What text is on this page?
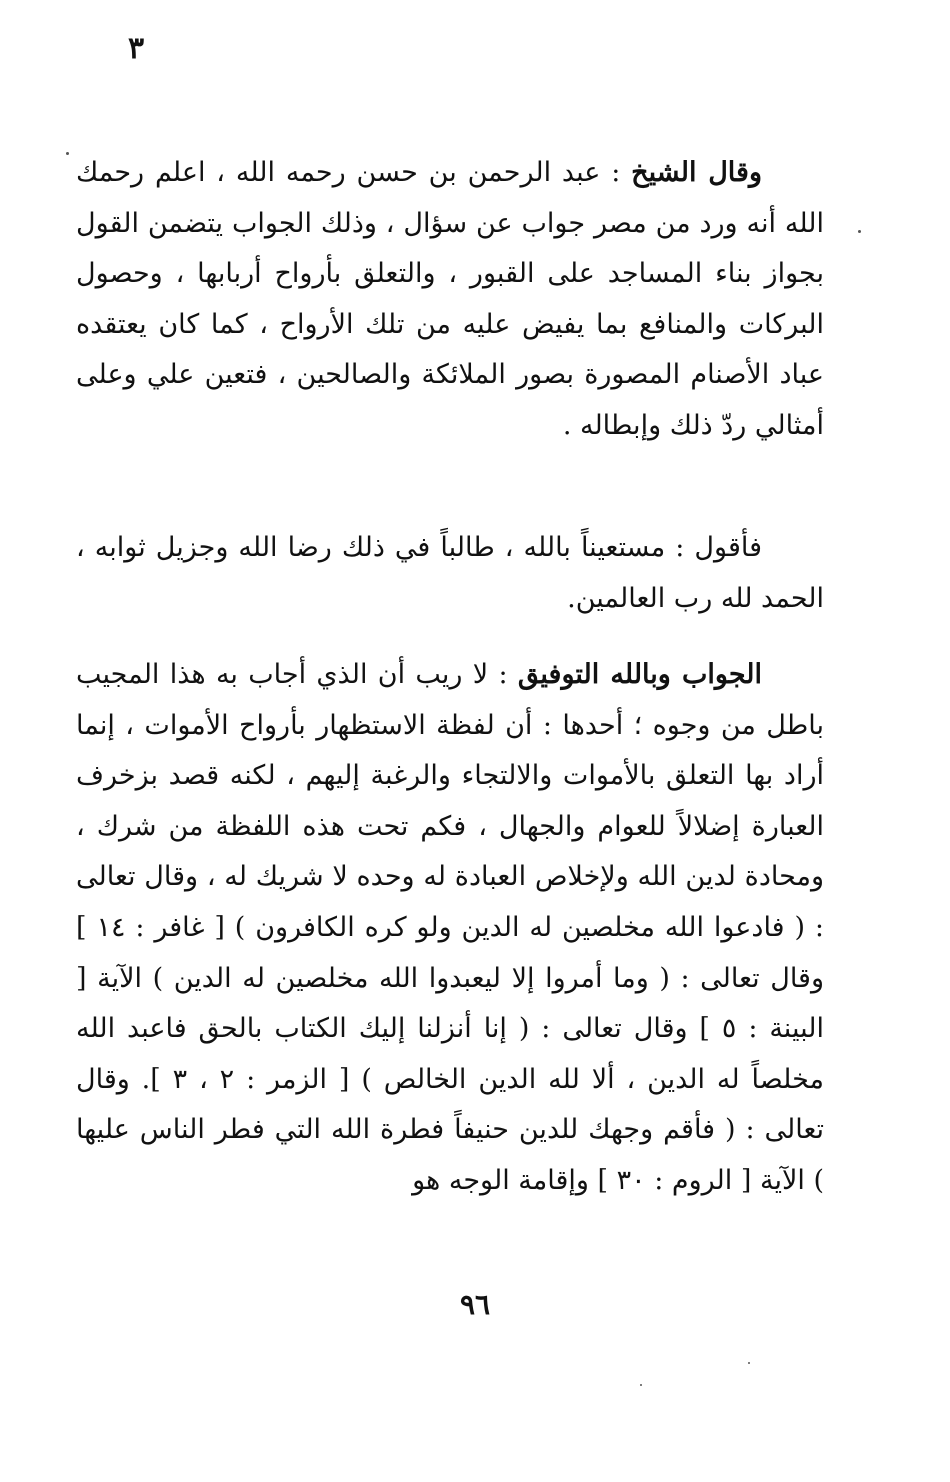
٣

وقال الشيخ : عبد الرحمن بن حسن رحمه الله ، اعلم رحمك الله أنه ورد من مصر جواب عن سؤال ، وذلك الجواب يتضمن القول بجواز بناء المساجد على القبور ، والتعلق بأرواح أربابها ، وحصول البركات والمنافع بما يفيض عليه من تلك الأرواح ، كما كان يعتقده عباد الأصنام المصورة بصور الملائكة والصالحين ، فتعين علي وعلى أمثالي ردّ ذلك وإبطاله .

فأقول : مستعيناً بالله ، طالباً في ذلك رضا الله وجزيل ثوابه ، الحمد لله رب العالمين.

الجواب وبالله التوفيق : لا ريب أن الذي أجاب به هذا المجيب باطل من وجوه ؛ أحدها : أن لفظة الاستظهار بأرواح الأموات ، إنما أراد بها التعلق بالأموات والالتجاء والرغبة إليهم ، لكنه قصد بزخرف العبارة إضلالاً للعوام والجهال ، فكم تحت هذه اللفظة من شرك ، ومحادة لدين الله ولإخلاص العبادة له وحده لا شريك له ، وقال تعالى : ( فادعوا الله مخلصين له الدين ولو كره الكافرون ) [ غافر : ١٤ ] وقال تعالى : ( وما أمروا إلا ليعبدوا الله مخلصين له الدين ) الآية [ البينة : ٥ ] وقال تعالى : ( إنا أنزلنا إليك الكتاب بالحق فاعبد الله مخلصاً له الدين ، ألا لله الدين الخالص ) [ الزمر : ٢ ، ٣ ]. وقال تعالى : ( فأقم وجهك للدين حنيفاً فطرة الله التي فطر الناس عليها ) الآية [ الروم : ٣٠ ] وإقامة الوجه هو

٩٦
